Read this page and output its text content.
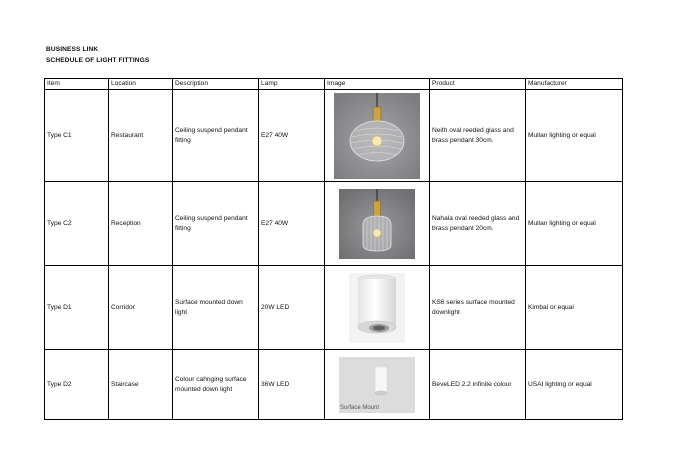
BUSINESS LINK
SCHEDULE OF LIGHT FITTINGS
Item	Location	Description	Lamp	Image	Product	Manufacturer
Type C1	Restaurant	Ceiling suspend pendant fitting	E27 40W		Neith oval reeded glass and brass pendant 30cm.	Mullan lighting or equal
Type C2	Reception	Ceiling suspend pendant fitting	E27 40W		Nahala oval reeded glass and brass pendant 20cm.	Mullan lighting or equal
Type D1	Corridor	Surface mounted down light	20W LED		KS6 series surface mounted downlight	Kimbal or equal
Type D2	Staircase	Colour cahnging surface mounted down light	36W LED	Surface Mount	BeveLED 2.2 infinite colour	USAI lighting or equal
